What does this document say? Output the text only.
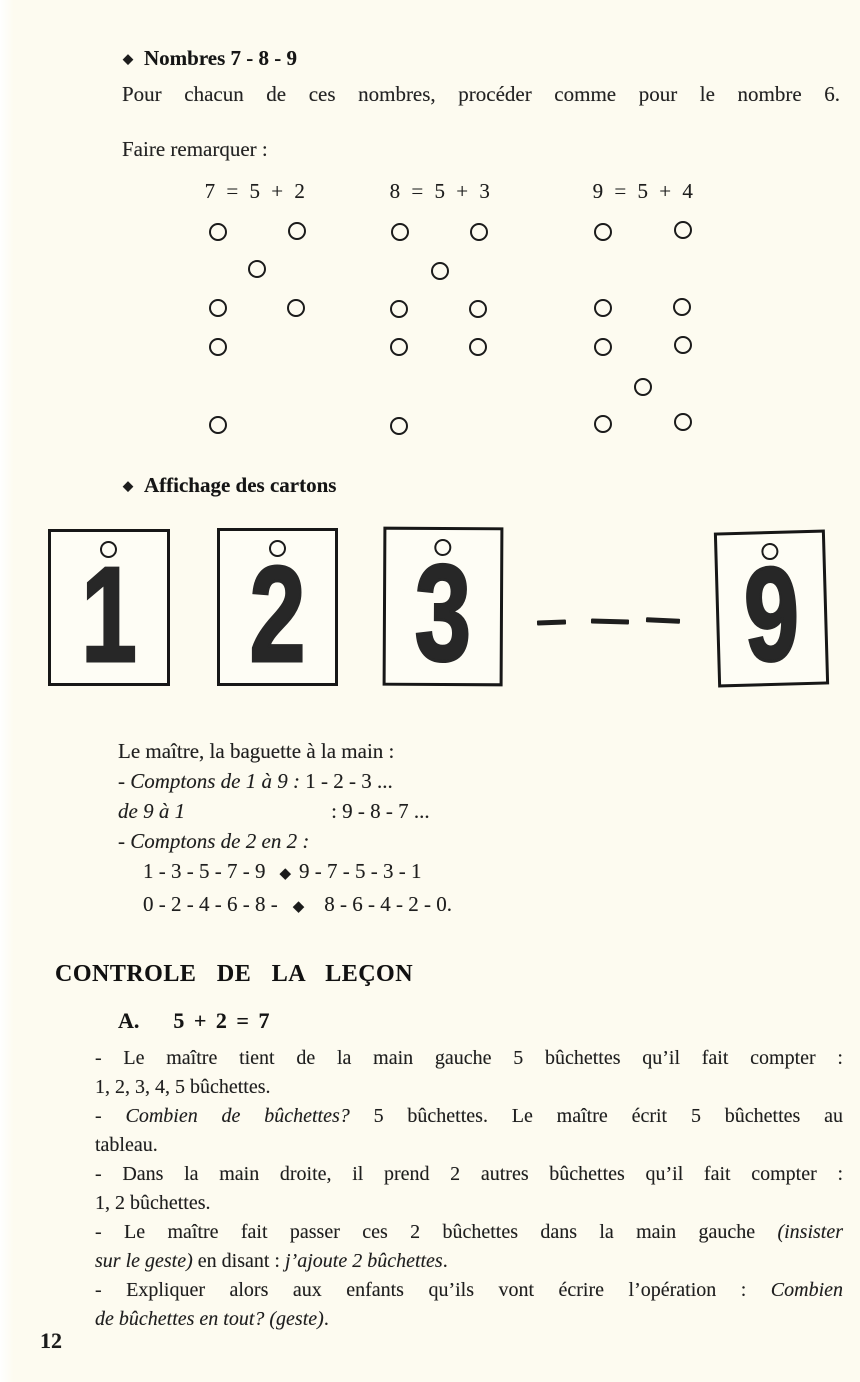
◆ Nombres 7 - 8 - 9
Pour chacun de ces nombres, procéder comme pour le nombre 6.
Faire remarquer :
7 = 5 + 2	8 = 5 + 3	9 = 5 + 4
◆ Affichage des cartons
1 2 3 9
Le maître, la baguette à la main :
- Comptons de 1 à 9 : 1 - 2 - 3 ...
de 9 à 1	: 9 - 8 - 7 ...
- Comptons de 2 en 2 :
1 - 3 - 5 - 7 - 9 ◆ 9 - 7 - 5 - 3 - 1
0 - 2 - 4 - 6 - 8 - ◆ 8 - 6 - 4 - 2 - 0.
CONTROLE DE LA LEÇON
A. 5 + 2 = 7
- Le maître tient de la main gauche 5 bûchettes qu’il fait compter :
1, 2, 3, 4, 5 bûchettes.
- Combien de bûchettes? 5 bûchettes. Le maître écrit 5 bûchettes au
tableau.
- Dans la main droite, il prend 2 autres bûchettes qu’il fait compter :
1, 2 bûchettes.
- Le maître fait passer ces 2 bûchettes dans la main gauche (insister
sur le geste) en disant : j’ajoute 2 bûchettes.
- Expliquer alors aux enfants qu’ils vont écrire l’opération : Combien
de bûchettes en tout? (geste).
12
